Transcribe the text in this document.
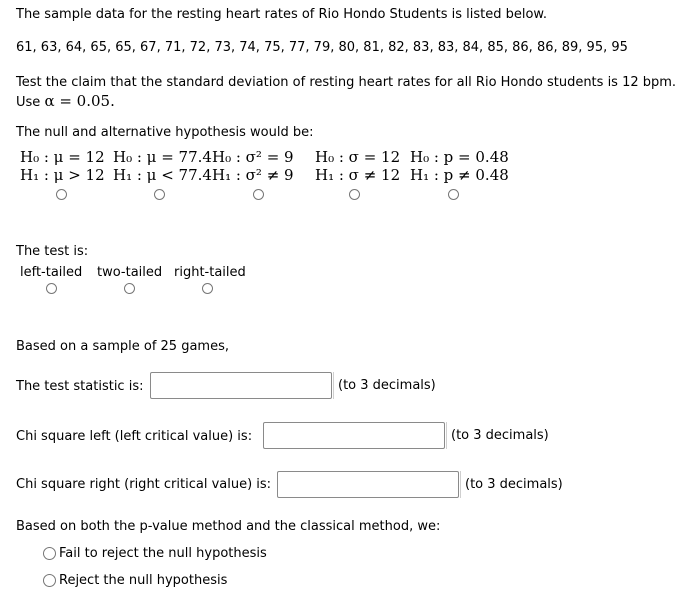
The sample data for the resting heart rates of Rio Hondo Students is listed below.
61, 63, 64, 65, 65, 67, 71, 72, 73, 74, 75, 77, 79, 80, 81, 82, 83, 83, 84, 85, 86, 86, 89, 95, 95
Test the claim that the standard deviation of resting heart rates for all Rio Hondo students is 12 bpm.
Use α = 0.05.
The null and alternative hypothesis would be:
H₀ : μ = 12
H₁ : μ > 12
H₀ : μ = 77.4
H₁ : μ < 77.4
H₀ : σ² = 9
H₁ : σ² ≠ 9
H₀ : σ = 12
H₁ : σ ≠ 12
H₀ : p = 0.48
H₁ : p ≠ 0.48
The test is:
left-tailed two-tailed right-tailed
Based on a sample of 25 games,
The test statistic is:	(to 3 decimals)
Chi square left (left critical value) is:	(to 3 decimals)
Chi square right (right critical value) is:	(to 3 decimals)
Based on both the p-value method and the classical method, we:
Fail to reject the null hypothesis
Reject the null hypothesis
